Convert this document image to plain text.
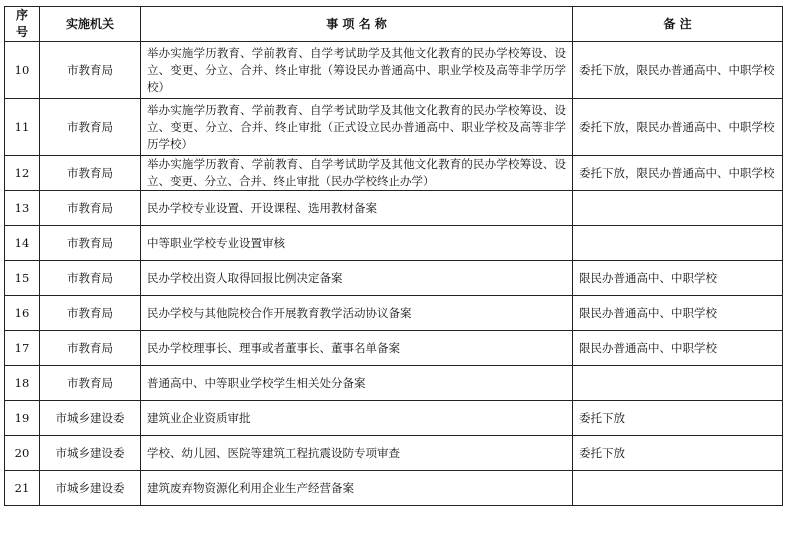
序号	实施机关	事 项 名 称	备 注
10	市教育局	举办实施学历教育、学前教育、自学考试助学及其他文化教育的民办学校筹设、设立、变更、分立、合并、终止审批（筹设民办普通高中、职业学校及高等非学历学校）	委托下放，限民办普通高中、中职学校
11	市教育局	举办实施学历教育、学前教育、自学考试助学及其他文化教育的民办学校筹设、设立、变更、分立、合并、终止审批（正式设立民办普通高中、职业学校及高等非学历学校）	委托下放，限民办普通高中、中职学校
12	市教育局	举办实施学历教育、学前教育、自学考试助学及其他文化教育的民办学校筹设、设立、变更、分立、合并、终止审批（民办学校终止办学）	委托下放，限民办普通高中、中职学校
13	市教育局	民办学校专业设置、开设课程、选用教材备案	
14	市教育局	中等职业学校专业设置审核	
15	市教育局	民办学校出资人取得回报比例决定备案	限民办普通高中、中职学校
16	市教育局	民办学校与其他院校合作开展教育教学活动协议备案	限民办普通高中、中职学校
17	市教育局	民办学校理事长、理事或者董事长、董事名单备案	限民办普通高中、中职学校
18	市教育局	普通高中、中等职业学校学生相关处分备案	
19	市城乡建设委	建筑业企业资质审批	委托下放
20	市城乡建设委	学校、幼儿园、医院等建筑工程抗震设防专项审查	委托下放
21	市城乡建设委	建筑废弃物资源化利用企业生产经营备案	
